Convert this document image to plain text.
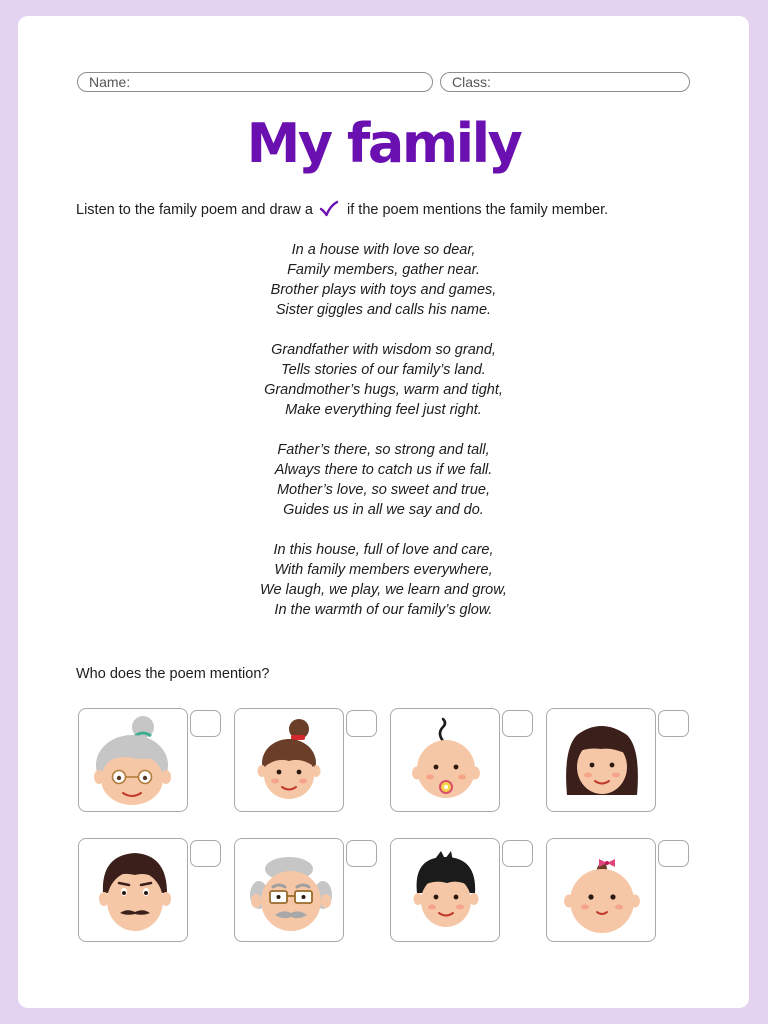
Name:	Class:
My family

Listen to the family poem and draw a if the poem mentions the family member.

In a house with love so dear,
Family members, gather near.
Brother plays with toys and games,
Sister giggles and calls his name.
Grandfather with wisdom so grand,
Tells stories of our family’s land.
Grandmother’s hugs, warm and tight,
Make everything feel just right.
Father’s there, so strong and tall,
Always there to catch us if we fall.
Mother’s love, so sweet and true,
Guides us in all we say and do.
In this house, full of love and care,
With family members everywhere,
We laugh, we play, we learn and grow,
In the warmth of our family’s glow.

Who does the poem mention?
